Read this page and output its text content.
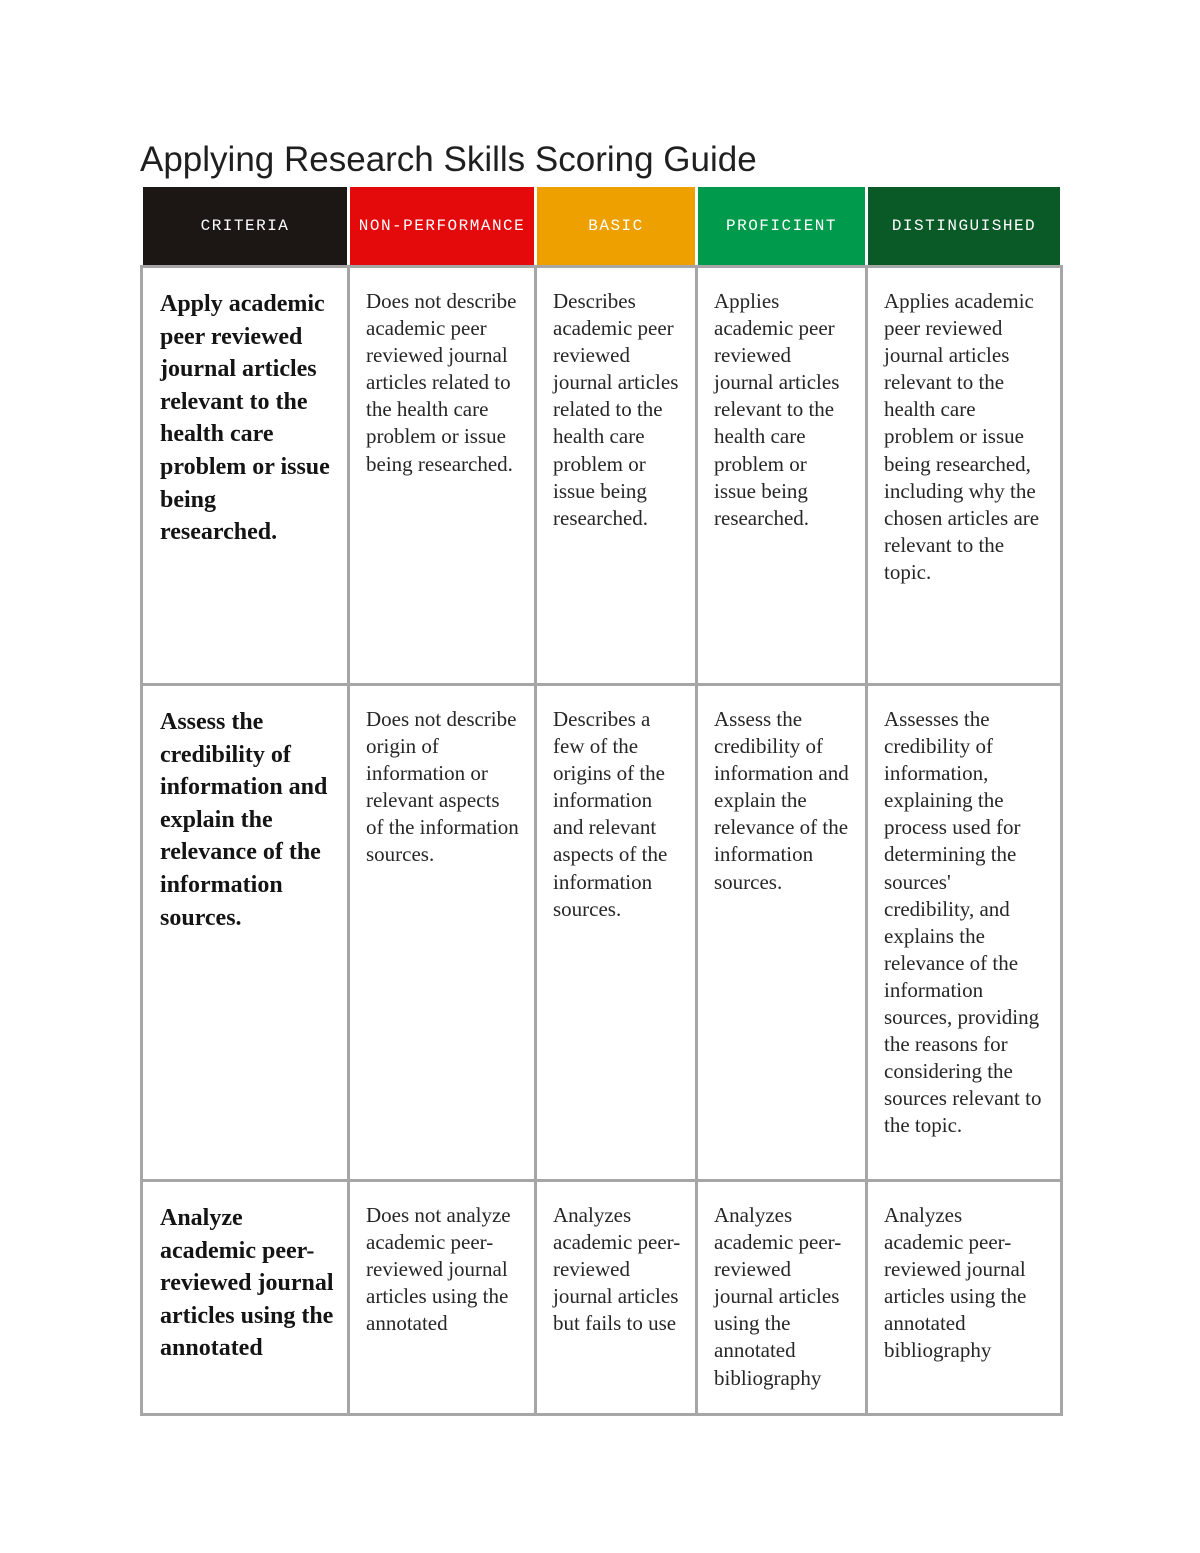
Applying Research Skills Scoring Guide
CRITERIA	NON-PERFORMANCE	BASIC	PROFICIENT	DISTINGUISHED
Apply academic peer reviewed journal articles relevant to the health care problem or issue being researched.	Does not describe academic peer reviewed journal articles related to the health care problem or issue being researched.	Describes academic peer reviewed journal articles related to the health care problem or issue being researched.	Applies academic peer reviewed journal articles relevant to the health care problem or issue being researched.	Applies academic peer reviewed journal articles relevant to the health care problem or issue being researched, including why the chosen articles are relevant to the topic.
Assess the credibility of information and explain the relevance of the information sources.	Does not describe origin of information or relevant aspects of the information sources.	Describes a few of the origins of the information and relevant aspects of the information sources.	Assess the credibility of information and explain the relevance of the information sources.	Assesses the credibility of information, explaining the process used for determining the sources' credibility, and explains the relevance of the information sources, providing the reasons for considering the sources relevant to the topic.
Analyze academic peer-reviewed journal articles using the annotated	Does not analyze academic peer-reviewed journal articles using the annotated	Analyzes academic peer-reviewed journal articles but fails to use	Analyzes academic peer-reviewed journal articles using the annotated bibliography	Analyzes academic peer-reviewed journal articles using the annotated bibliography
